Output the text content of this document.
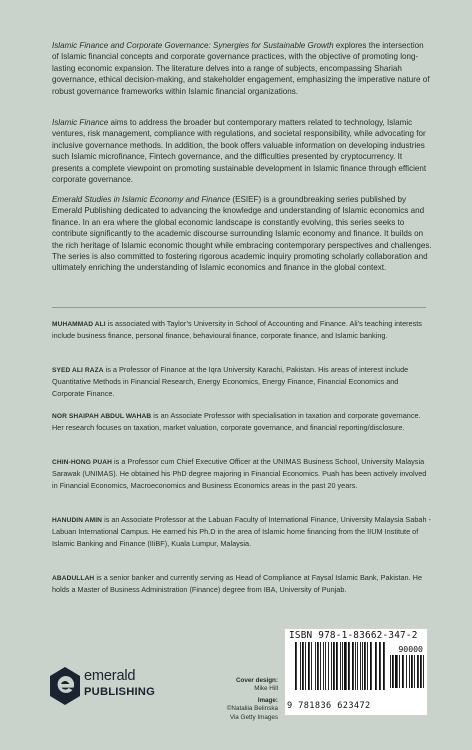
Islamic Finance and Corporate Governance: Synergies for Sustainable Growth explores the intersection of Islamic financial concepts and corporate governance practices, with the objective of promoting long-lasting economic expansion. The literature delves into a range of subjects, encompassing Shariah governance, ethical decision-making, and stakeholder engagement, emphasizing the imperative nature of robust governance frameworks within Islamic financial organizations.

Islamic Finance aims to address the broader but contemporary matters related to technology, Islamic ventures, risk management, compliance with regulations, and societal responsibility, while advocating for inclusive governance methods. In addition, the book offers valuable information on developing industries such Islamic microfinance, Fintech governance, and the difficulties presented by cryptocurrency. It presents a complete viewpoint on promoting sustainable development in Islamic finance through efficient corporate governance.

Emerald Studies in Islamic Economy and Finance (ESIEF) is a groundbreaking series published by Emerald Publishing dedicated to advancing the knowledge and understanding of Islamic economics and finance. In an era where the global economic landscape is constantly evolving, this series seeks to contribute significantly to the academic discourse surrounding Islamic economy and finance. It builds on the rich heritage of Islamic economic thought while embracing contemporary perspectives and challenges. The series is also committed to fostering rigorous academic inquiry promoting scholarly collaboration and ultimately enriching the understanding of Islamic economics and finance in the global context.

MUHAMMAD ALI is associated with Taylor’s University in School of Accounting and Finance. Ali’s teaching interests include business finance, personal finance, behavioural finance, corporate finance, and Islamic banking.

SYED ALI RAZA is a Professor of Finance at the Iqra University Karachi, Pakistan. His areas of interest include Quantitative Methods in Financial Research, Energy Economics, Energy Finance, Financial Economics and Corporate Finance.

NOR SHAIPAH ABDUL WAHAB is an Associate Professor with specialisation in taxation and corporate governance. Her research focuses on taxation, market valuation, corporate governance, and financial reporting/disclosure.

CHIN-HONG PUAH is a Professor cum Chief Executive Officer at the UNIMAS Business School, University Malaysia Sarawak (UNIMAS). He obtained his PhD degree majoring in Financial Economics. Puah has been actively involved in Financial Economics, Macroeconomics and Business Economics areas in the past 20 years.

HANUDIN AMIN is an Associate Professor at the Labuan Faculty of International Finance, University Malaysia Sabah - Labuan International Campus. He earned his Ph.D in the area of Islamic home financing from the IIUM Institute of Islamic Banking and Finance (IIiBF), Kuala Lumpur, Malaysia.

ABADULLAH is a senior banker and currently serving as Head of Compliance at Faysal Islamic Bank, Pakistan. He holds a Master of Business Administration (Finance) degree from IBA, University of Punjab.

emerald
PUBLISHING
Cover design:
Mike Hill
Image:
©Nataliia Belinska
Via Getty Images
ISBN 978-1-83662-347-2
90000
9 781836 623472
